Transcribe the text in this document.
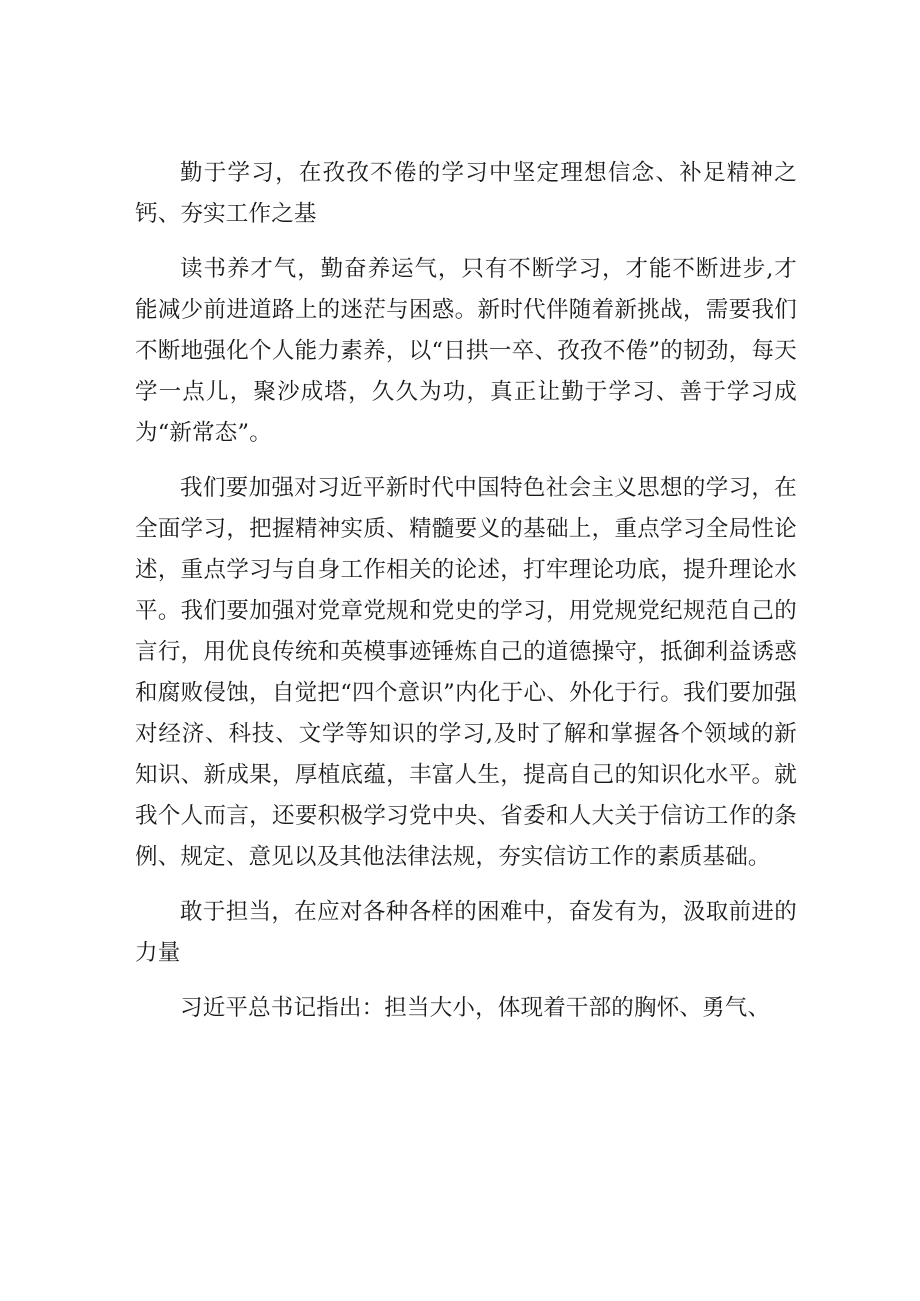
勤于学习，在孜孜不倦的学习中坚定理想信念、补足精神之钙、夯实工作之基

读书养才气，勤奋养运气，只有不断学习，才能不断进步,才能减少前进道路上的迷茫与困惑。新时代伴随着新挑战，需要我们不断地强化个人能力素养，以“日拱一卒、孜孜不倦”的韧劲，每天学一点儿，聚沙成塔，久久为功，真正让勤于学习、善于学习成为“新常态”。

我们要加强对习近平新时代中国特色社会主义思想的学习，在全面学习，把握精神实质、精髓要义的基础上，重点学习全局性论述，重点学习与自身工作相关的论述，打牢理论功底，提升理论水平。我们要加强对党章党规和党史的学习，用党规党纪规范自己的言行，用优良传统和英模事迹锤炼自己的道德操守，抵御利益诱惑和腐败侵蚀，自觉把“四个意识”内化于心、外化于行。我们要加强对经济、科技、文学等知识的学习,及时了解和掌握各个领域的新知识、新成果，厚植底蕴，丰富人生，提高自己的知识化水平。就我个人而言，还要积极学习党中央、省委和人大关于信访工作的条例、规定、意见以及其他法律法规，夯实信访工作的素质基础。

敢于担当，在应对各种各样的困难中，奋发有为，汲取前进的力量

习近平总书记指出：担当大小，体现着干部的胸怀、勇气、
